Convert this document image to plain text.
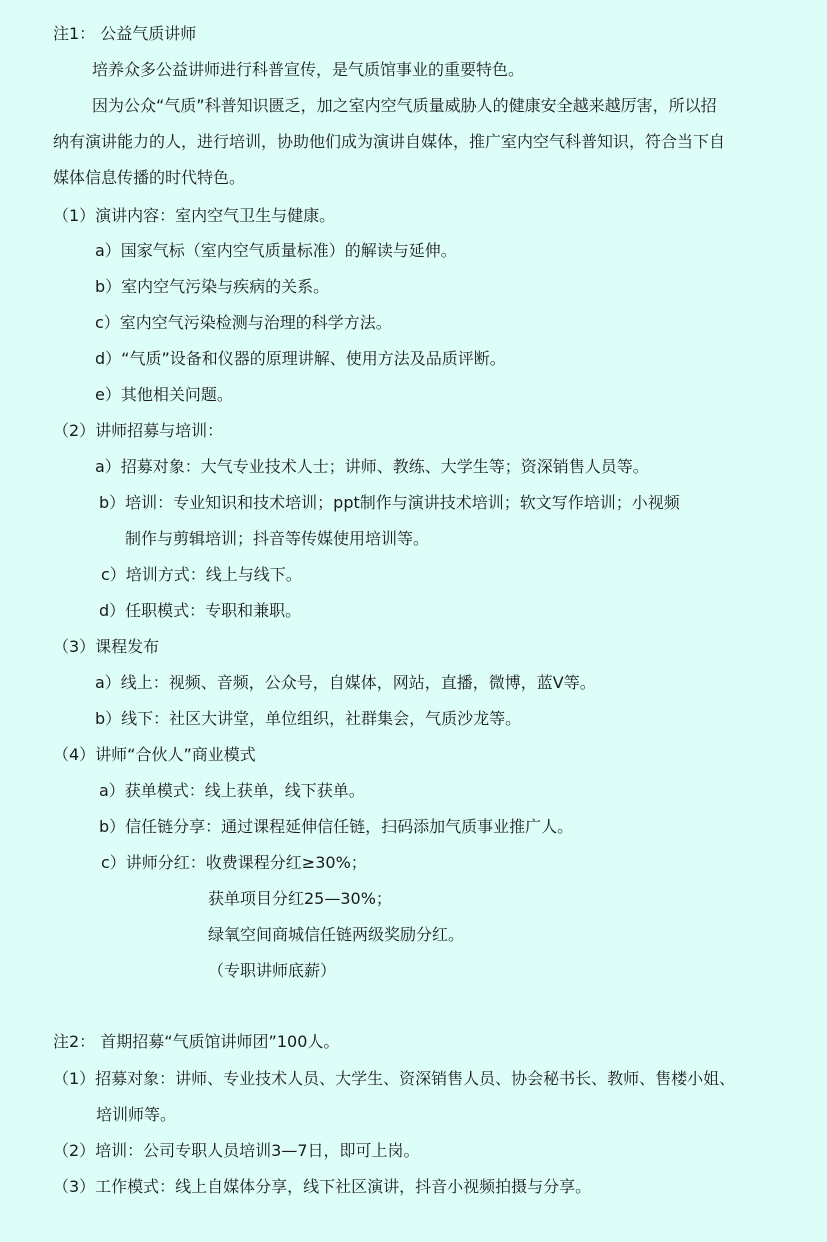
注1： 公益气质讲师
培养众多公益讲师进行科普宣传，是气质馆事业的重要特色。
因为公众“气质”科普知识匮乏，加之室内空气质量威胁人的健康安全越来越厉害，所以招
纳有演讲能力的人，进行培训，协助他们成为演讲自媒体，推广室内空气科普知识，符合当下自
媒体信息传播的时代特色。
（1）演讲内容：室内空气卫生与健康。
a）国家气标（室内空气质量标准）的解读与延伸。
b）室内空气污染与疾病的关系。
c）室内空气污染检测与治理的科学方法。
d）“气质”设备和仪器的原理讲解、使用方法及品质评断。
e）其他相关问题。
（2）讲师招募与培训：
a）招募对象：大气专业技术人士；讲师、教练、大学生等；资深销售人员等。
b）培训：专业知识和技术培训；ppt制作与演讲技术培训；软文写作培训；小视频
制作与剪辑培训；抖音等传媒使用培训等。
c）培训方式：线上与线下。
d）任职模式：专职和兼职。
（3）课程发布
a）线上：视频、音频，公众号，自媒体，网站，直播，微博，蓝V等。
b）线下：社区大讲堂，单位组织，社群集会，气质沙龙等。
（4）讲师“合伙人”商业模式
a）获单模式：线上获单，线下获单。
b）信任链分享：通过课程延伸信任链，扫码添加气质事业推广人。
c）讲师分红：收费课程分红≥30%；
获单项目分红25—30%；
绿氧空间商城信任链两级奖励分红。
（专职讲师底薪）
注2： 首期招募“气质馆讲师团”100人。
（1）招募对象：讲师、专业技术人员、大学生、资深销售人员、协会秘书长、教师、售楼小姐、
培训师等。
（2）培训：公司专职人员培训3—7日，即可上岗。
（3）工作模式：线上自媒体分享，线下社区演讲，抖音小视频拍摄与分享。
